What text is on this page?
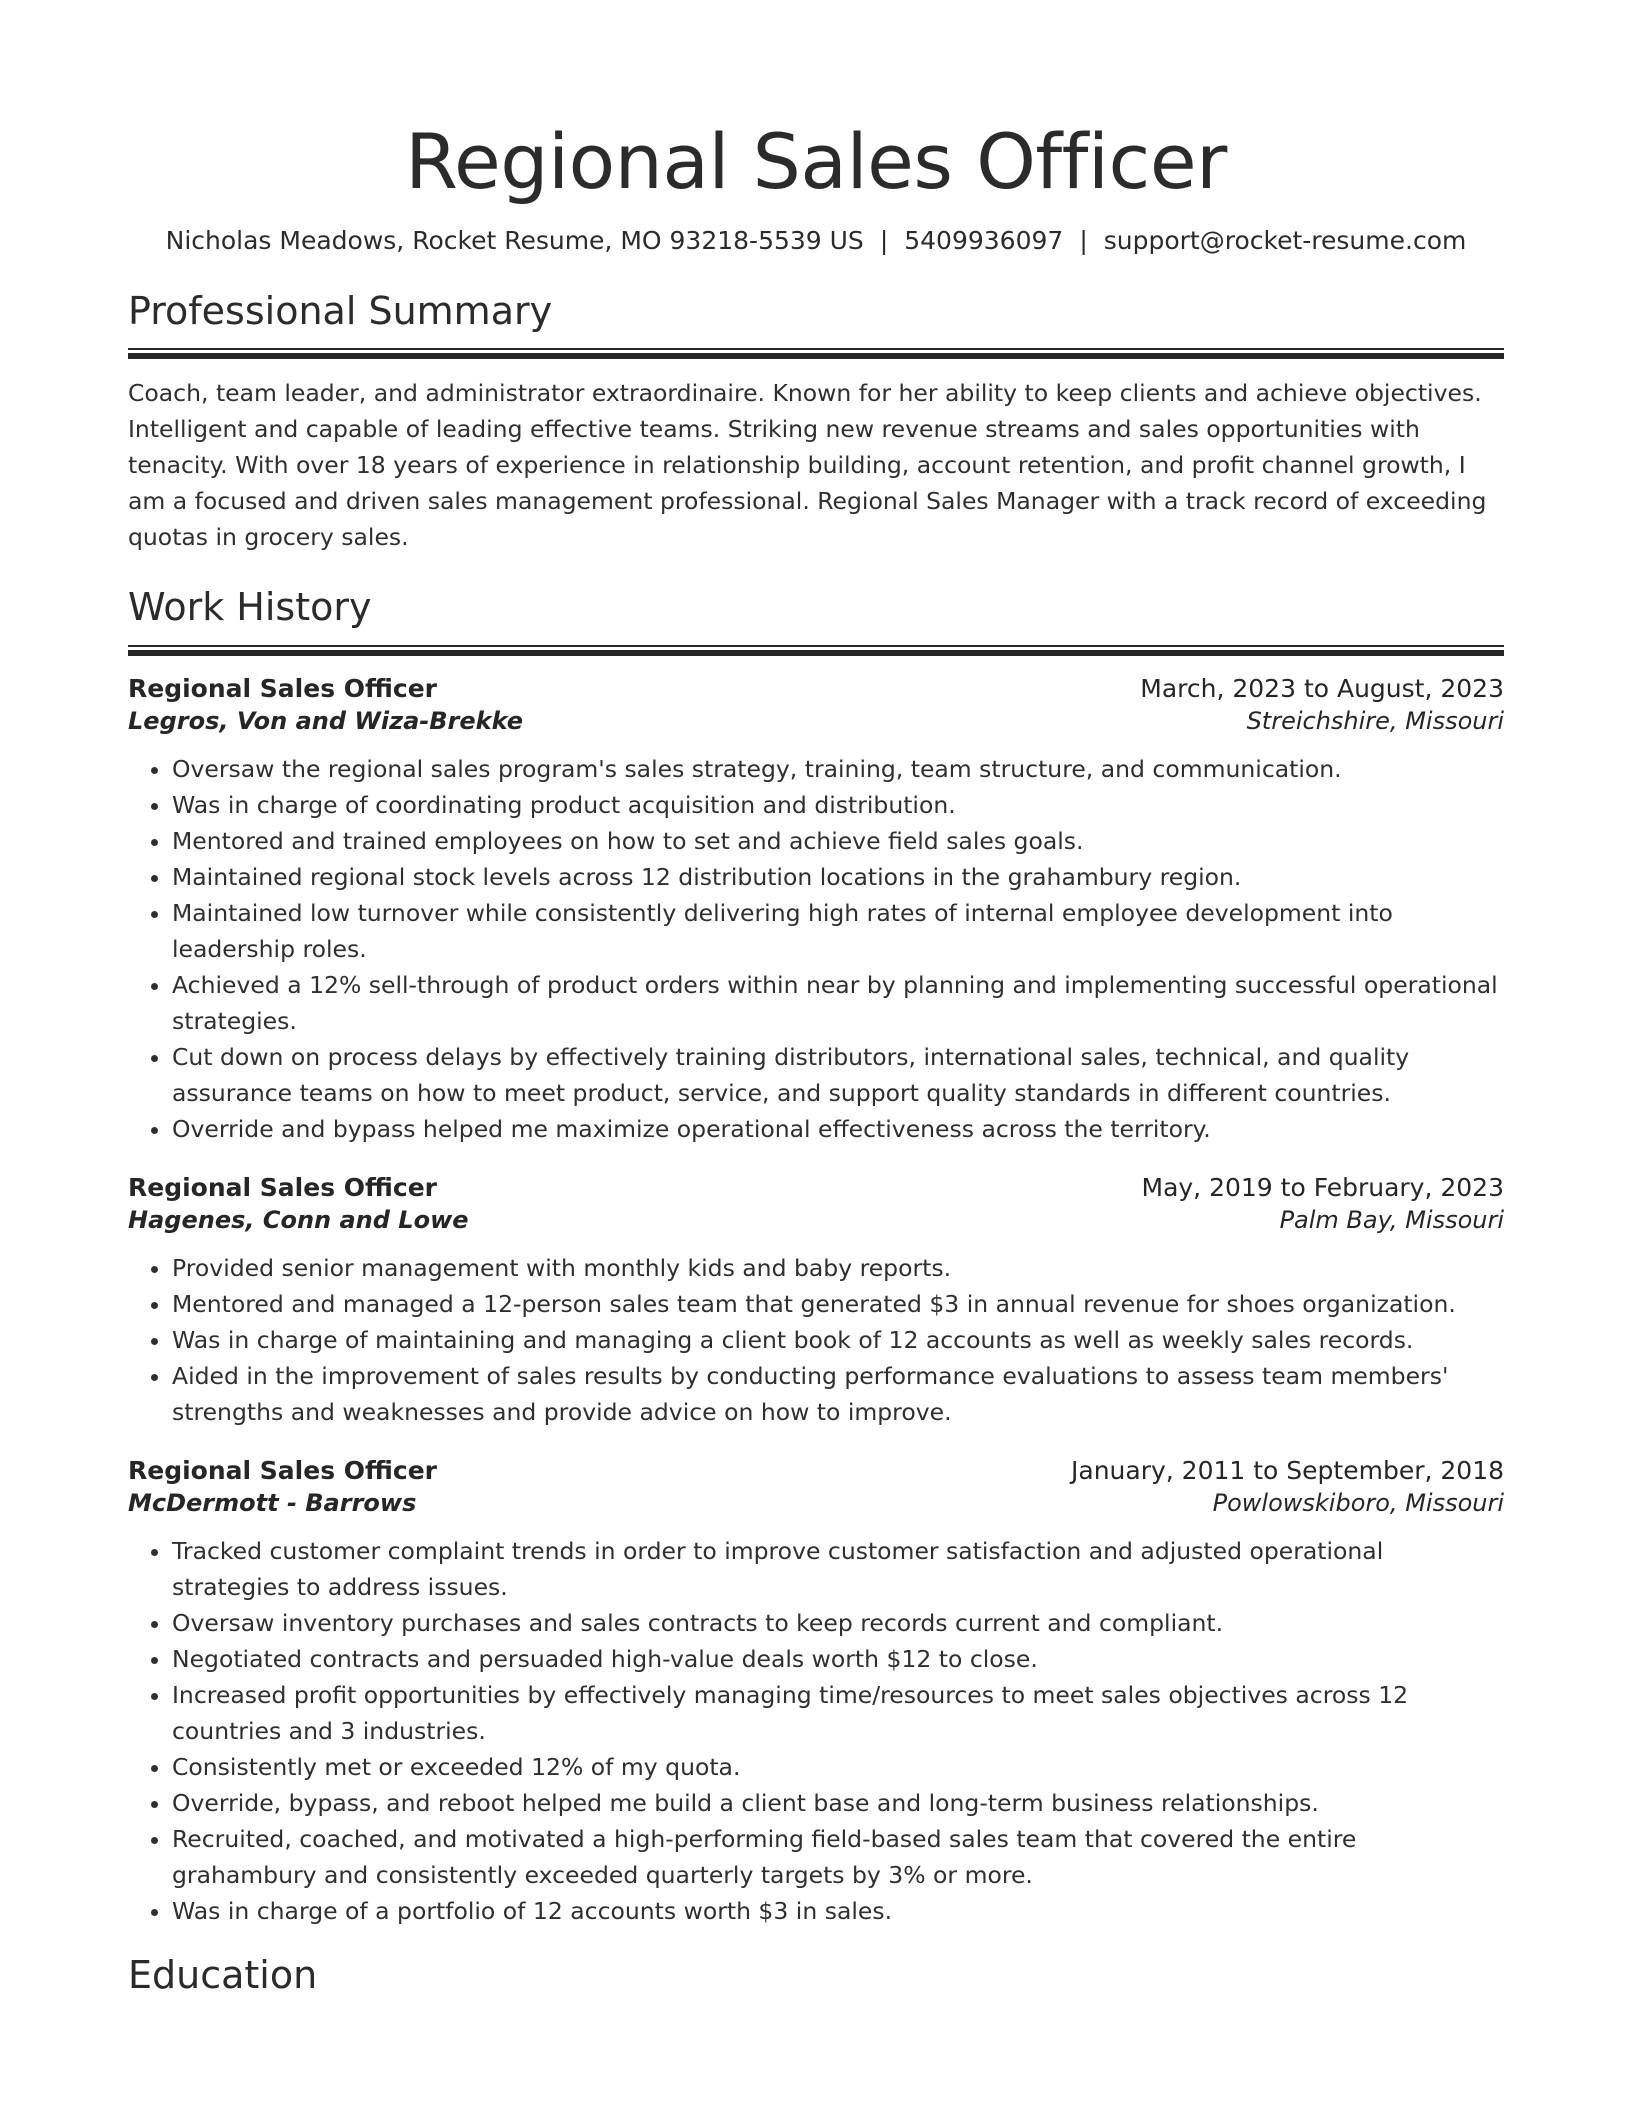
Regional Sales Officer
Nicholas Meadows, Rocket Resume, MO 93218-5539 US | 5409936097 | support@rocket-resume.com
Professional Summary
Coach, team leader, and administrator extraordinaire. Known for her ability to keep clients and achieve objectives. Intelligent and capable of leading effective teams. Striking new revenue streams and sales opportunities with tenacity. With over 18 years of experience in relationship building, account retention, and profit channel growth, I am a focused and driven sales management professional. Regional Sales Manager with a track record of exceeding quotas in grocery sales.
Work History
Regional Sales Officer	March, 2023 to August, 2023
Legros, Von and Wiza-Brekke	Streichshire, Missouri
• Oversaw the regional sales program's sales strategy, training, team structure, and communication.
• Was in charge of coordinating product acquisition and distribution.
• Mentored and trained employees on how to set and achieve field sales goals.
• Maintained regional stock levels across 12 distribution locations in the grahambury region.
• Maintained low turnover while consistently delivering high rates of internal employee development into leadership roles.
• Achieved a 12% sell-through of product orders within near by planning and implementing successful operational strategies.
• Cut down on process delays by effectively training distributors, international sales, technical, and quality assurance teams on how to meet product, service, and support quality standards in different countries.
• Override and bypass helped me maximize operational effectiveness across the territory.
Regional Sales Officer	May, 2019 to February, 2023
Hagenes, Conn and Lowe	Palm Bay, Missouri
• Provided senior management with monthly kids and baby reports.
• Mentored and managed a 12-person sales team that generated $3 in annual revenue for shoes organization.
• Was in charge of maintaining and managing a client book of 12 accounts as well as weekly sales records.
• Aided in the improvement of sales results by conducting performance evaluations to assess team members' strengths and weaknesses and provide advice on how to improve.
Regional Sales Officer	January, 2011 to September, 2018
McDermott - Barrows	Powlowskiboro, Missouri
• Tracked customer complaint trends in order to improve customer satisfaction and adjusted operational strategies to address issues.
• Oversaw inventory purchases and sales contracts to keep records current and compliant.
• Negotiated contracts and persuaded high-value deals worth $12 to close.
• Increased profit opportunities by effectively managing time/resources to meet sales objectives across 12 countries and 3 industries.
• Consistently met or exceeded 12% of my quota.
• Override, bypass, and reboot helped me build a client base and long-term business relationships.
• Recruited, coached, and motivated a high-performing field-based sales team that covered the entire grahambury and consistently exceeded quarterly targets by 3% or more.
• Was in charge of a portfolio of 12 accounts worth $3 in sales.
Education
